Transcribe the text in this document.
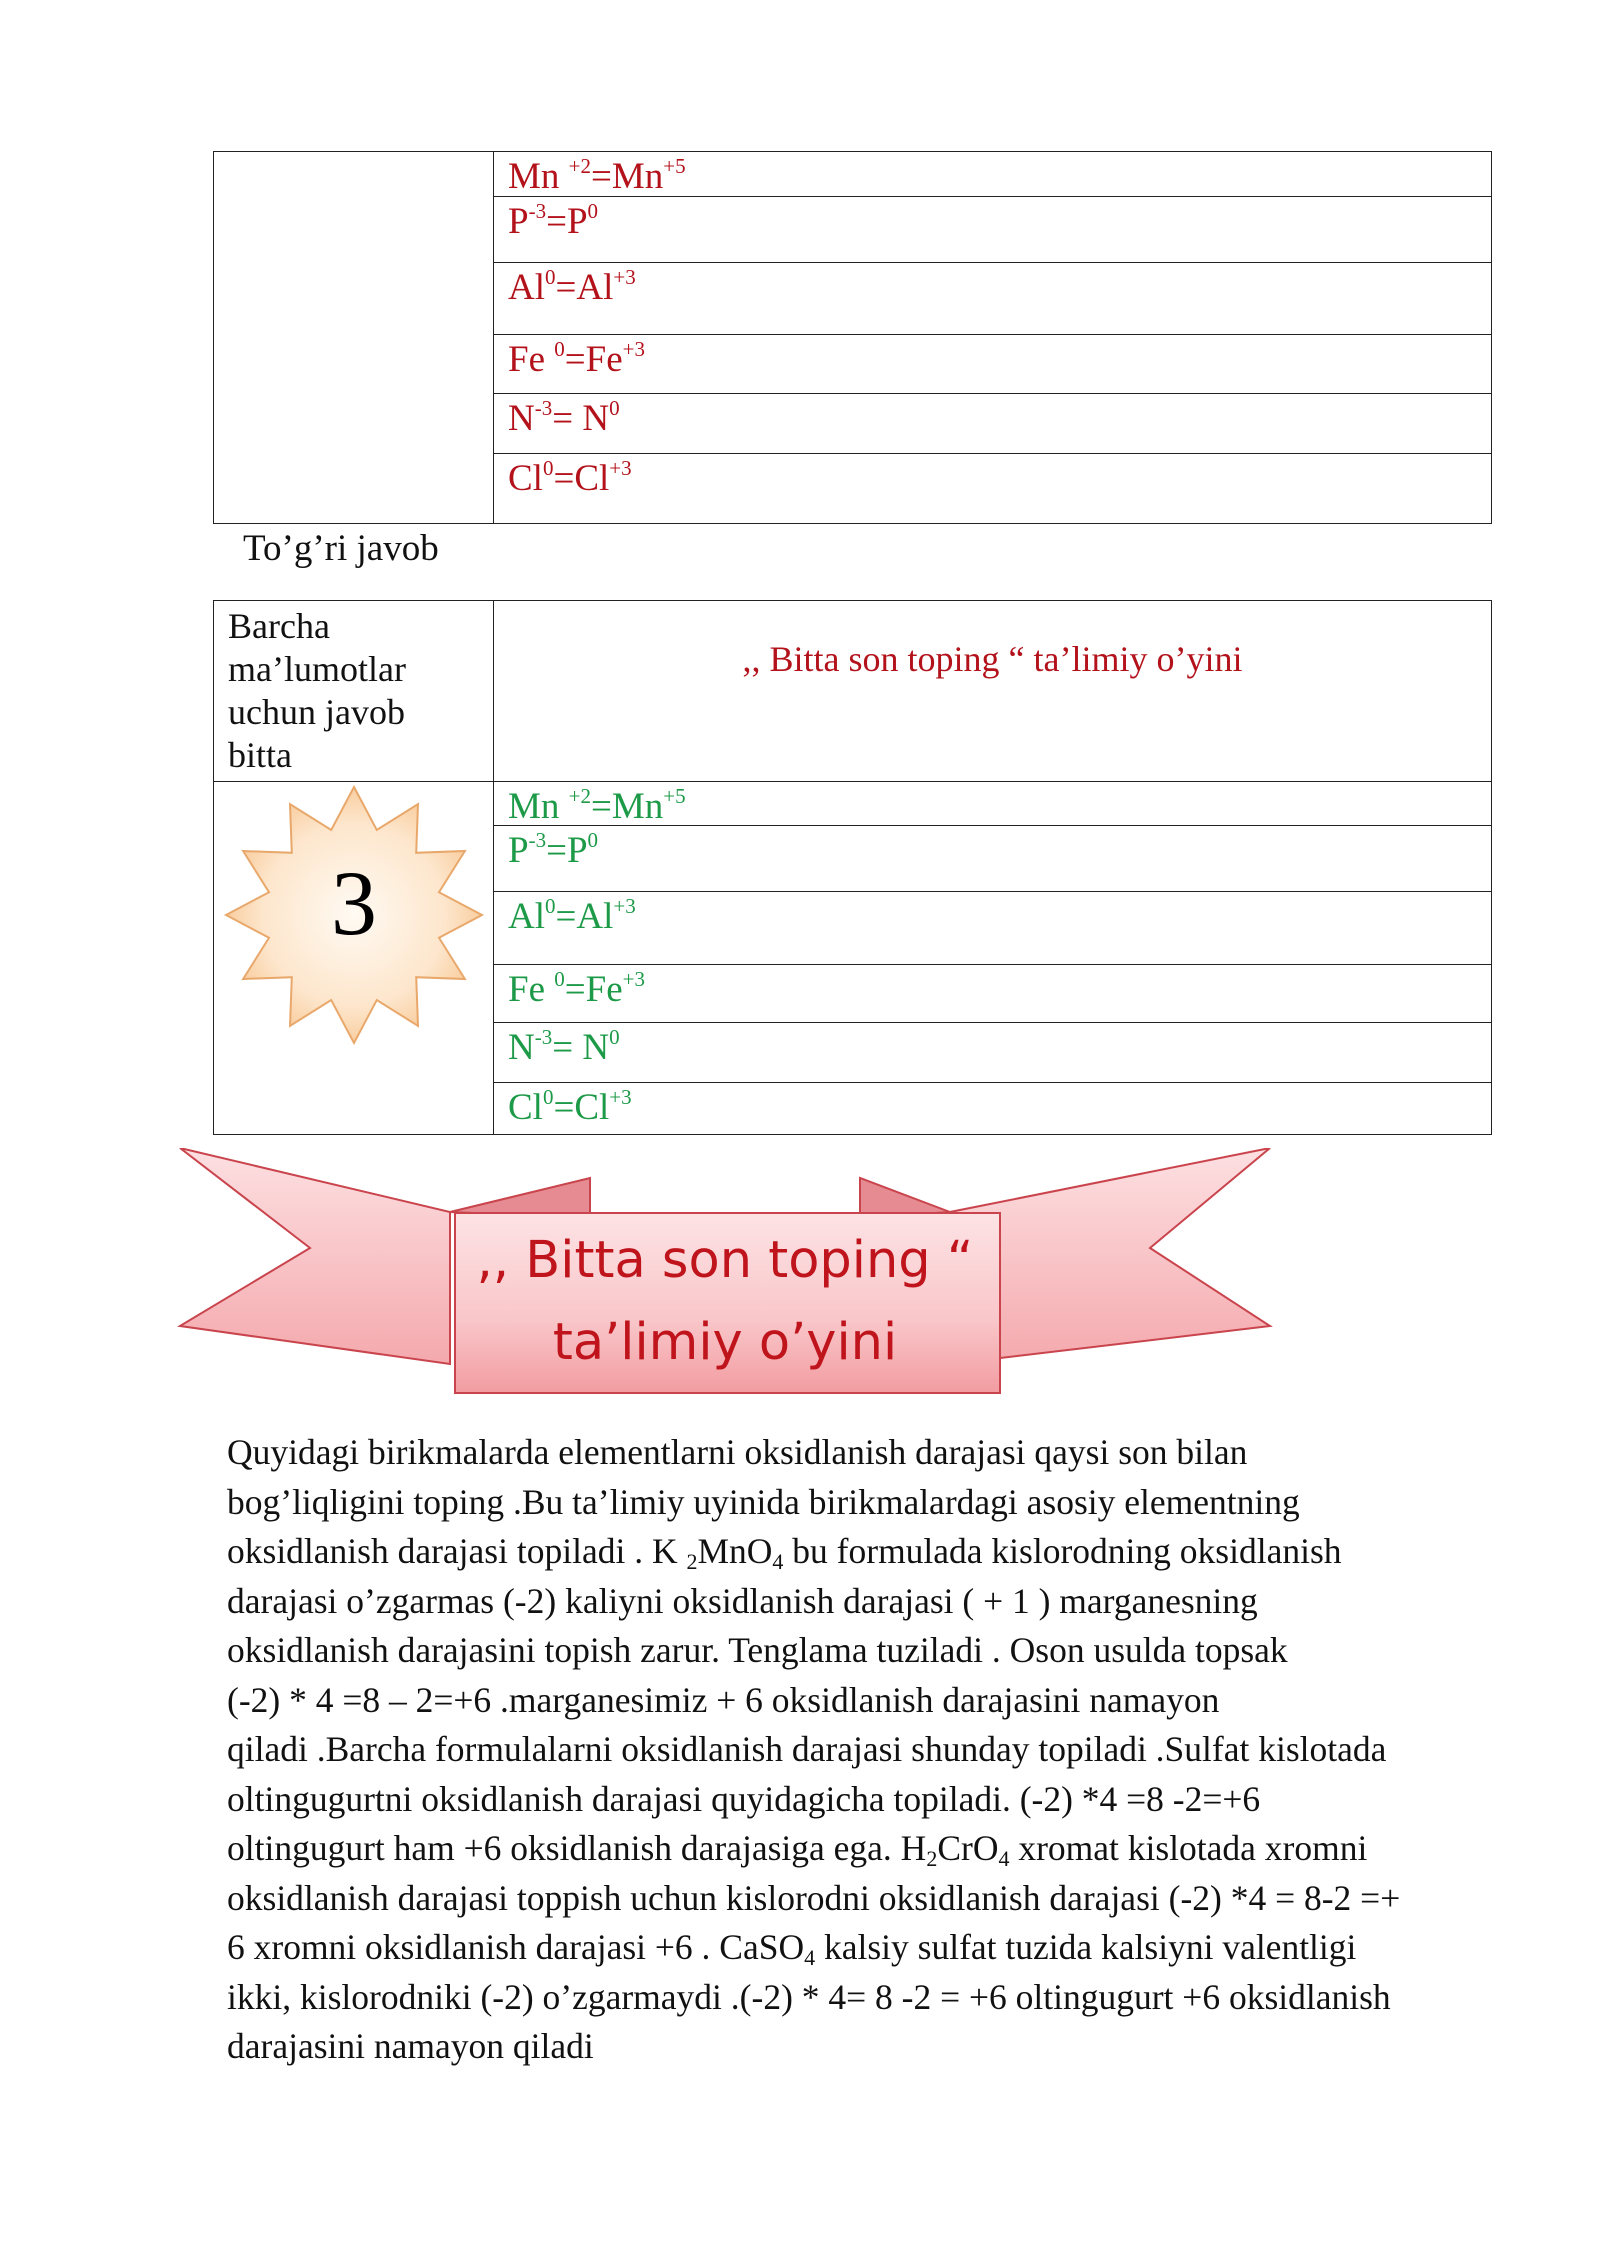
Mn $^{+2}=Mn^{+5}$

$P^{-3}=P^0$

$Al^0=Al^{+3}$

Fe $^0=Fe^{+3}$

$N^{-3}= N^0$

$Cl^0=Cl^{+3}$
To’g’ri javob
Barcha
ma’lumotlar
uchun javob
bitta	,, Bitta son toping “ ta’limiy o’yini

3	Mn $^{+2}=Mn^{+5}$

	$P^{-3}=P^0$

	$Al^0=Al^{+3}$

	Fe $^0=Fe^{+3}$

	$N^{-3}= N^0$

	$Cl^0=Cl^{+3}$
,, Bitta son toping “
ta’limiy o’yini
Quyidagi birikmalarda elementlarni oksidlanish darajasi qaysi son bilan
bog’liqligini toping .Bu ta’limiy uyinida birikmalardagi asosiy elementning
oksidlanish darajasi topiladi . K $_2$MnO$_4$ bu formulada kislorodning oksidlanish
darajasi o’zgarmas (-2) kaliyni oksidlanish darajasi ( + 1 ) marganesning
oksidlanish darajasini topish zarur. Tenglama tuziladi . Oson usulda topsak
(-2) * 4 =8 – 2=+6 .marganesimiz + 6 oksidlanish darajasini namayon
qiladi .Barcha formulalarni oksidlanish darajasi shunday topiladi .Sulfat kislotada
oltingugurtni oksidlanish darajasi quyidagicha topiladi. (-2) *4 =8 -2=+6
oltingugurt ham +6 oksidlanish darajasiga ega. $H_2CrO_4$ xromat kislotada xromni
oksidlanish darajasi toppish uchun kislorodni oksidlanish darajasi (-2) *4 = 8-2 =+
6 xromni oksidlanish darajasi +6 . CaSO$_4$ kalsiy sulfat tuzida kalsiyni valentligi
ikki, kislorodniki (-2) o’zgarmaydi .(-2) * 4= 8 -2 = +6 oltingugurt +6 oksidlanish
darajasini namayon qiladi
